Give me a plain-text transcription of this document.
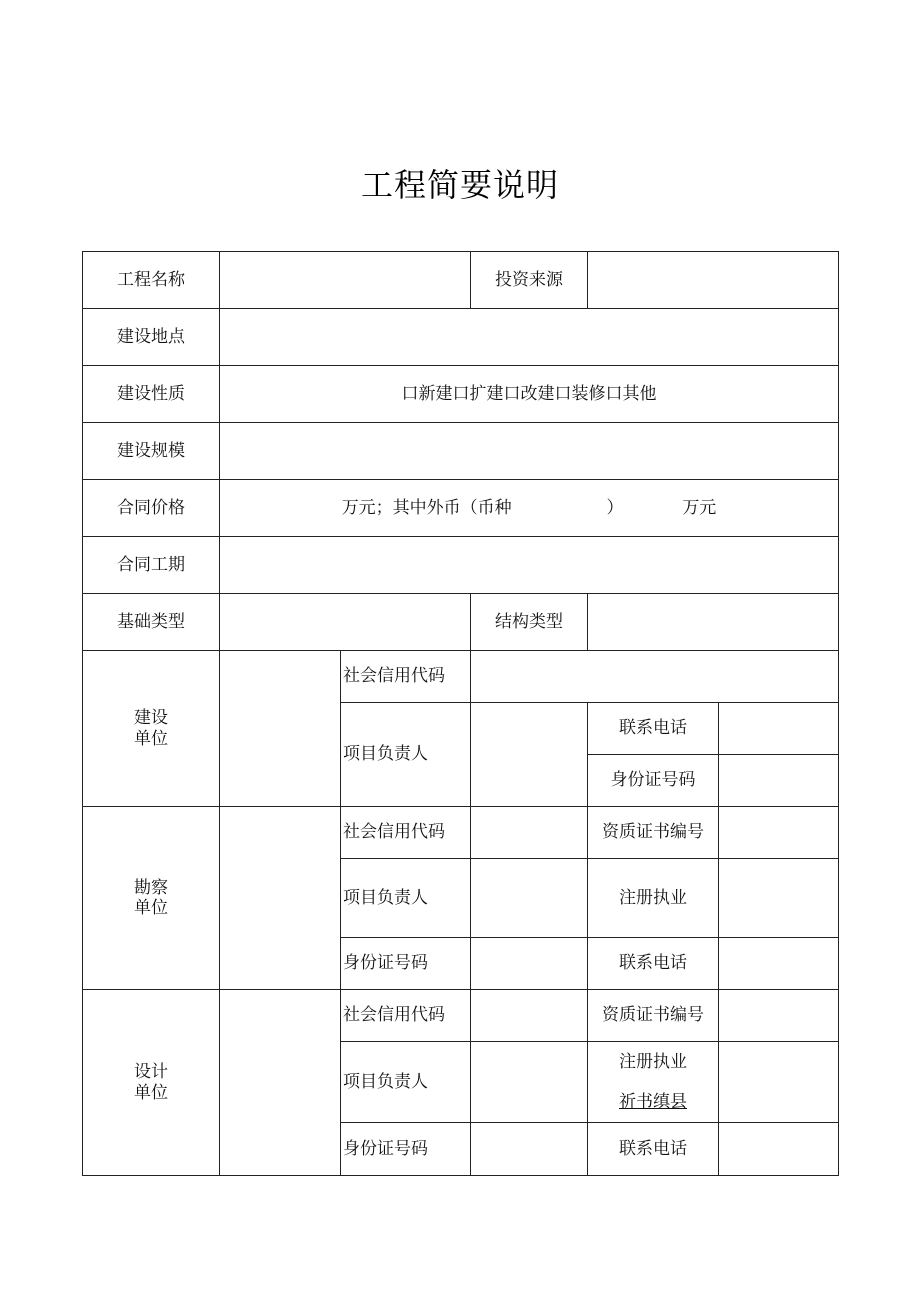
工程简要说明
工程名称			投资来源		
建设地点					
建设性质	口新建口扩建口改建口装修口其他				
建设规模					
合同价格	万元；其中外币（币种 ） 万元				
合同工期					
基础类型			结构类型		

建设
单位		社会信用代码			
		项目负责人		联系电话	
				身份证号码	

勘察
单位		社会信用代码		资质证书编号	
		项目负责人		注册执业	
		身份证号码		联系电话	

设计
单位		社会信用代码		资质证书编号	
		项目负责人		注册执业
祈书缜县	

		身份证号码		联系电话	
